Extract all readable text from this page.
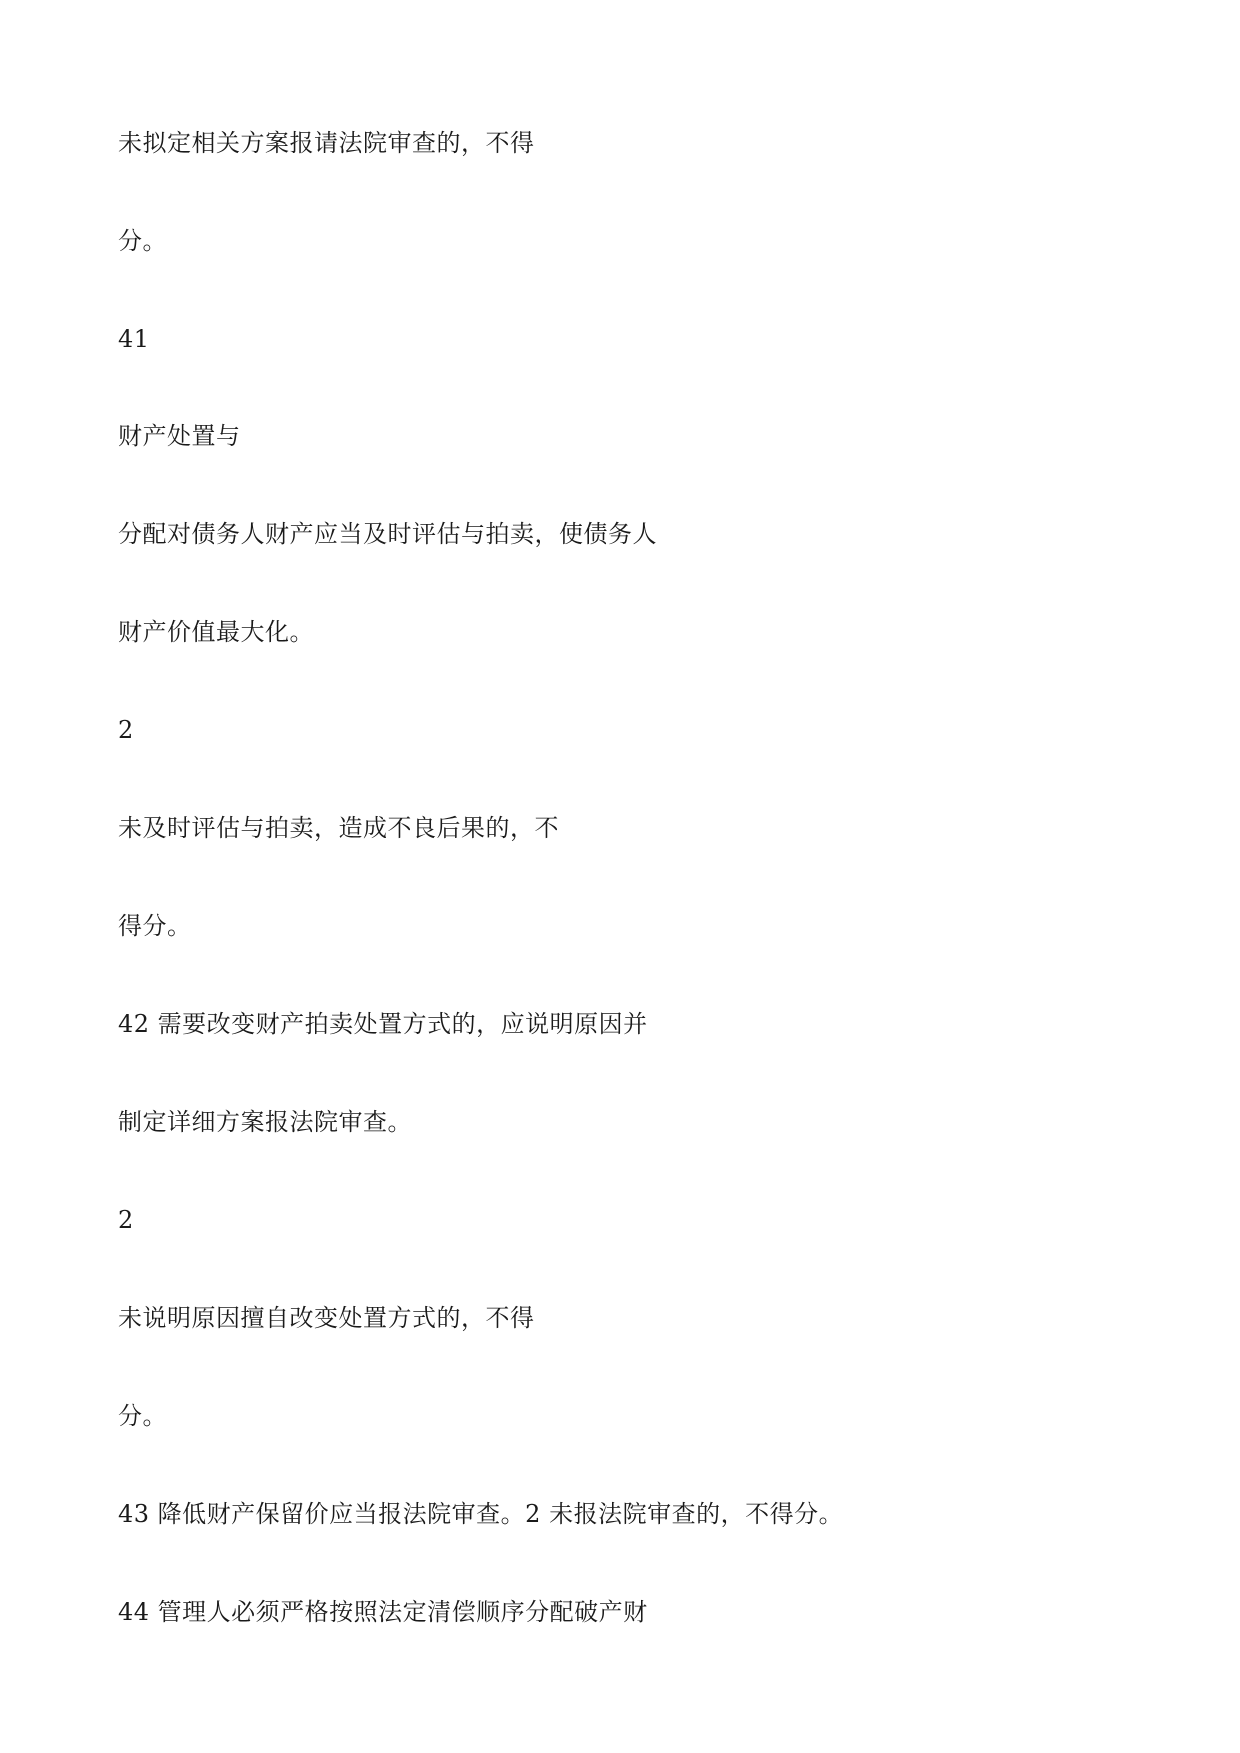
未拟定相关方案报请法院审查的，不得

分。

41

财产处置与

分配对债务人财产应当及时评估与拍卖，使债务人

财产价值最大化。

2

未及时评估与拍卖，造成不良后果的，不

得分。

42 需要改变财产拍卖处置方式的，应说明原因并

制定详细方案报法院审查。

2

未说明原因擅自改变处置方式的，不得

分。

43 降低财产保留价应当报法院审查。2 未报法院审查的，不得分。

44 管理人必须严格按照法定清偿顺序分配破产财
